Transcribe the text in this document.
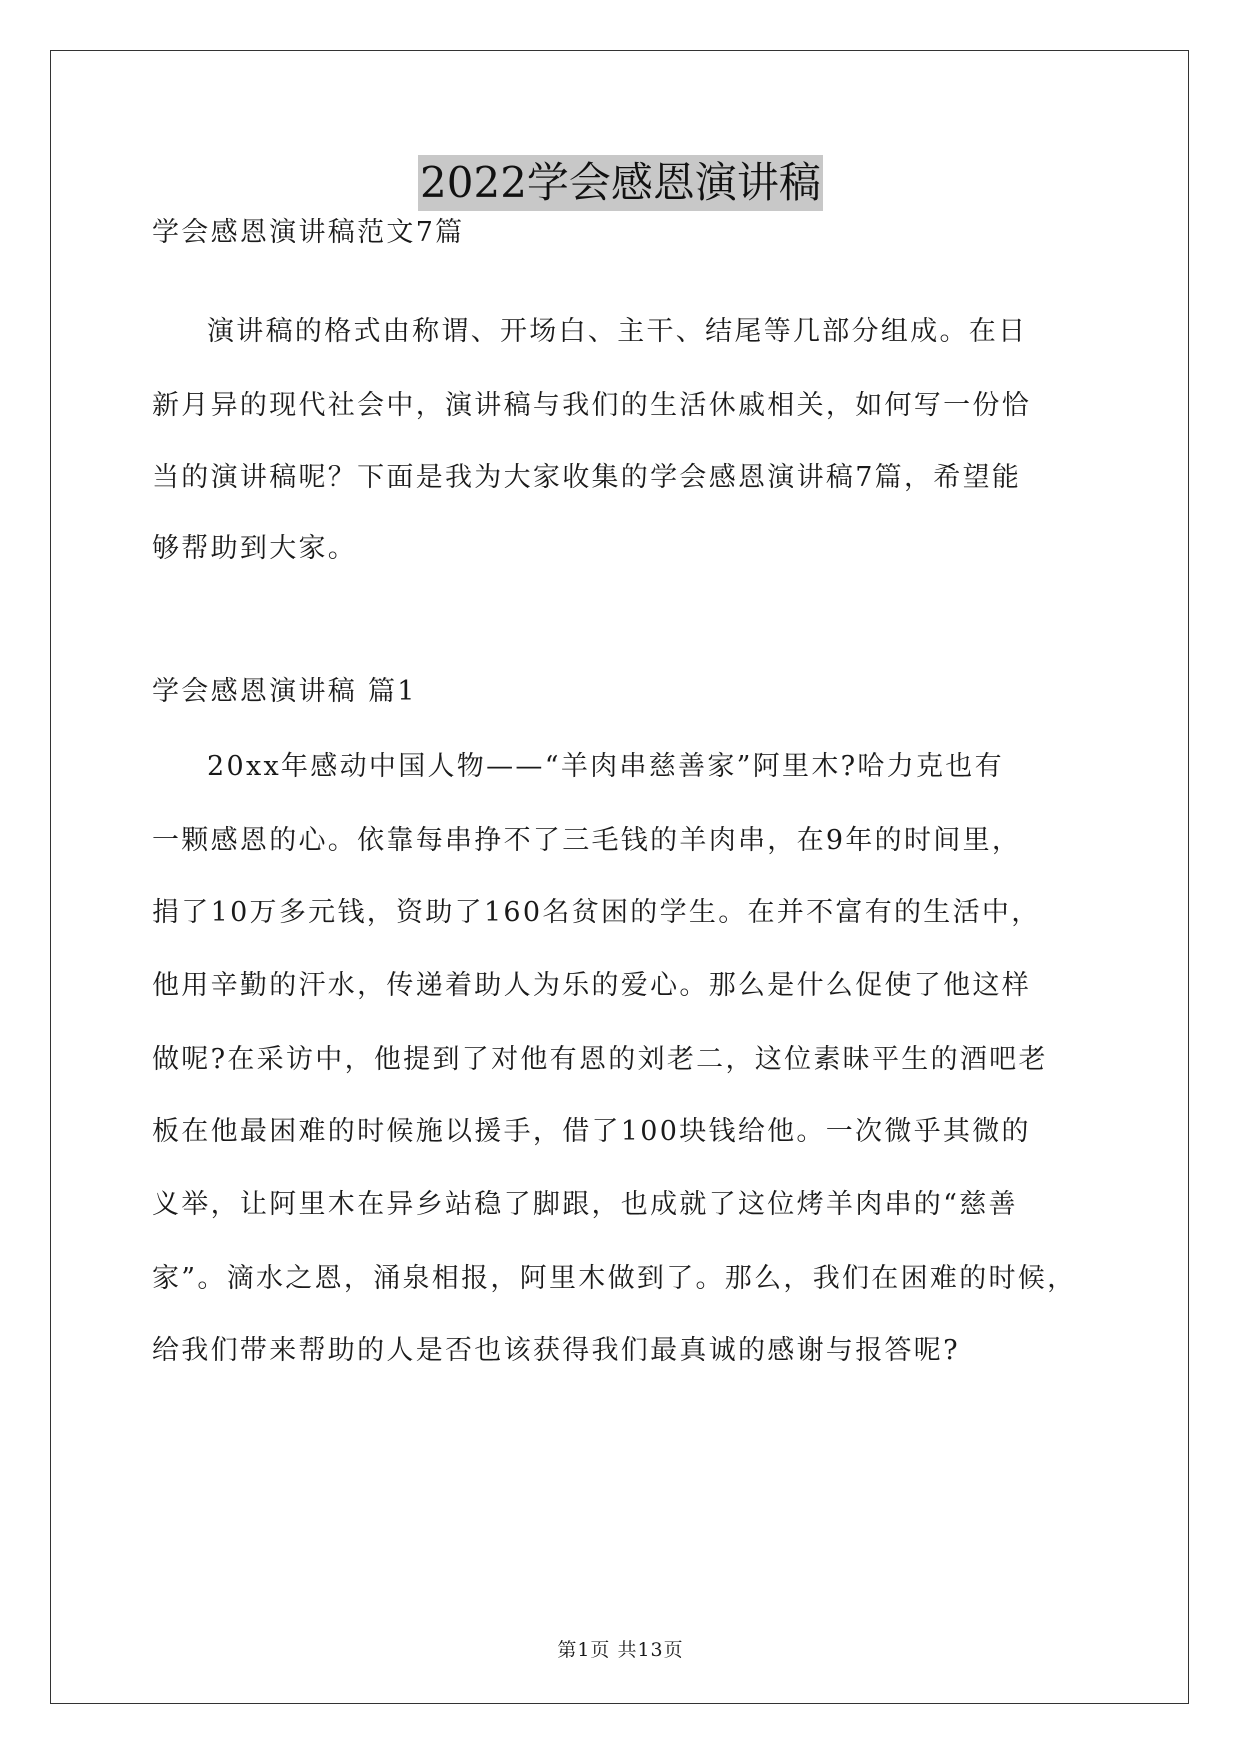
2022学会感恩演讲稿
学会感恩演讲稿范文7篇
演讲稿的格式由称谓、开场白、主干、结尾等几部分组成。在日
新月异的现代社会中，演讲稿与我们的生活休戚相关，如何写一份恰
当的演讲稿呢？下面是我为大家收集的学会感恩演讲稿7篇，希望能
够帮助到大家。
学会感恩演讲稿 篇1
20xx年感动中国人物——“羊肉串慈善家”阿里木?哈力克也有
一颗感恩的心。依靠每串挣不了三毛钱的羊肉串，在9年的时间里，
捐了10万多元钱，资助了160名贫困的学生。在并不富有的生活中，
他用辛勤的汗水，传递着助人为乐的爱心。那么是什么促使了他这样
做呢?在采访中，他提到了对他有恩的刘老二，这位素昧平生的酒吧老
板在他最困难的时候施以援手，借了100块钱给他。一次微乎其微的
义举，让阿里木在异乡站稳了脚跟，也成就了这位烤羊肉串的“慈善
家”。滴水之恩，涌泉相报，阿里木做到了。那么，我们在困难的时候，
给我们带来帮助的人是否也该获得我们最真诚的感谢与报答呢?
第1页 共13页
